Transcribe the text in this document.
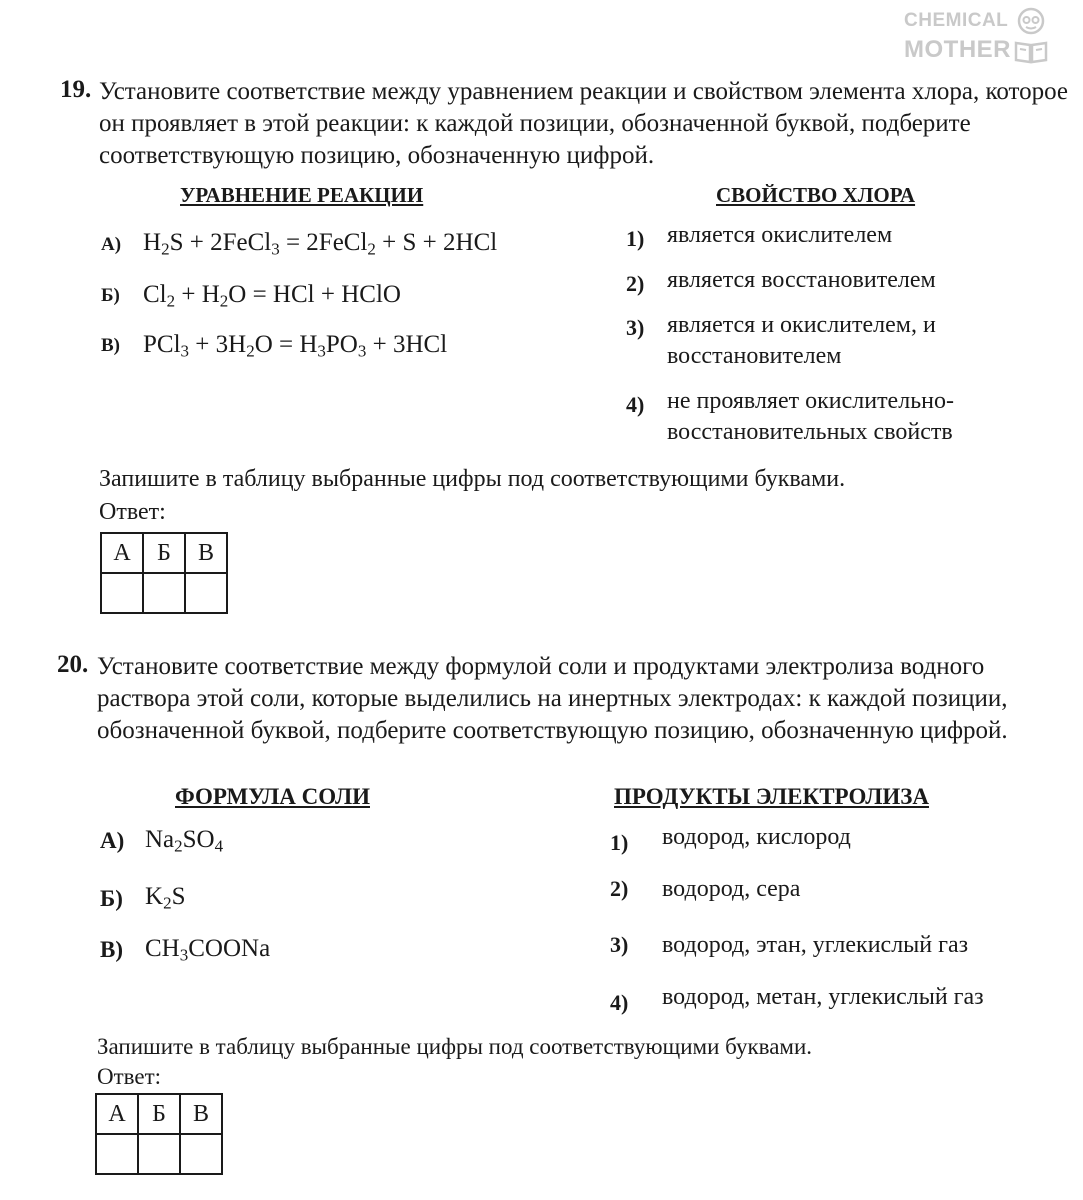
CHEMICAL
MOTHER
19. Установите соответствие между уравнением реакции и свойством элемента хлора, которое он проявляет в этой реакции: к каждой позиции, обозначенной буквой, подберите соответствующую позицию, обозначенную цифрой.
УРАВНЕНИЕ РЕАКЦИИ	СВОЙСТВО ХЛОРА
А) $H_2S$ + 2FeCl$_3$ = 2FeCl$_2$ + S + 2HCl
Б) $Cl_2 + H_2O$ = HCl + HClO
В) $PCl_3 + 3H_2O = H_3PO_3 + 3HCl$
1) является окислителем
2) является восстановителем
3) является и окислителем, и
восстановителем
4) не проявляет окислительно-
восстановительных свойств
Запишите в таблицу выбранные цифры под соответствующими буквами.
Ответ:
А	Б	В

20. Установите соответствие между формулой соли и продуктами электролиза водного раствора этой соли, которые выделились на инертных электродах: к каждой позиции, обозначенной буквой, подберите соответствующую позицию, обозначенную цифрой.
ФОРМУЛА СОЛИ	ПРОДУКТЫ ЭЛЕКТРОЛИЗА
А) $Na_2SO_4$
Б) $K_2S$
В) $CH_3COONa$
1) водород, кислород
2) водород, сера
3) водород, этан, углекислый газ
4) водород, метан, углекислый газ
Запишите в таблицу выбранные цифры под соответствующими буквами.
Ответ:
А	Б	В
